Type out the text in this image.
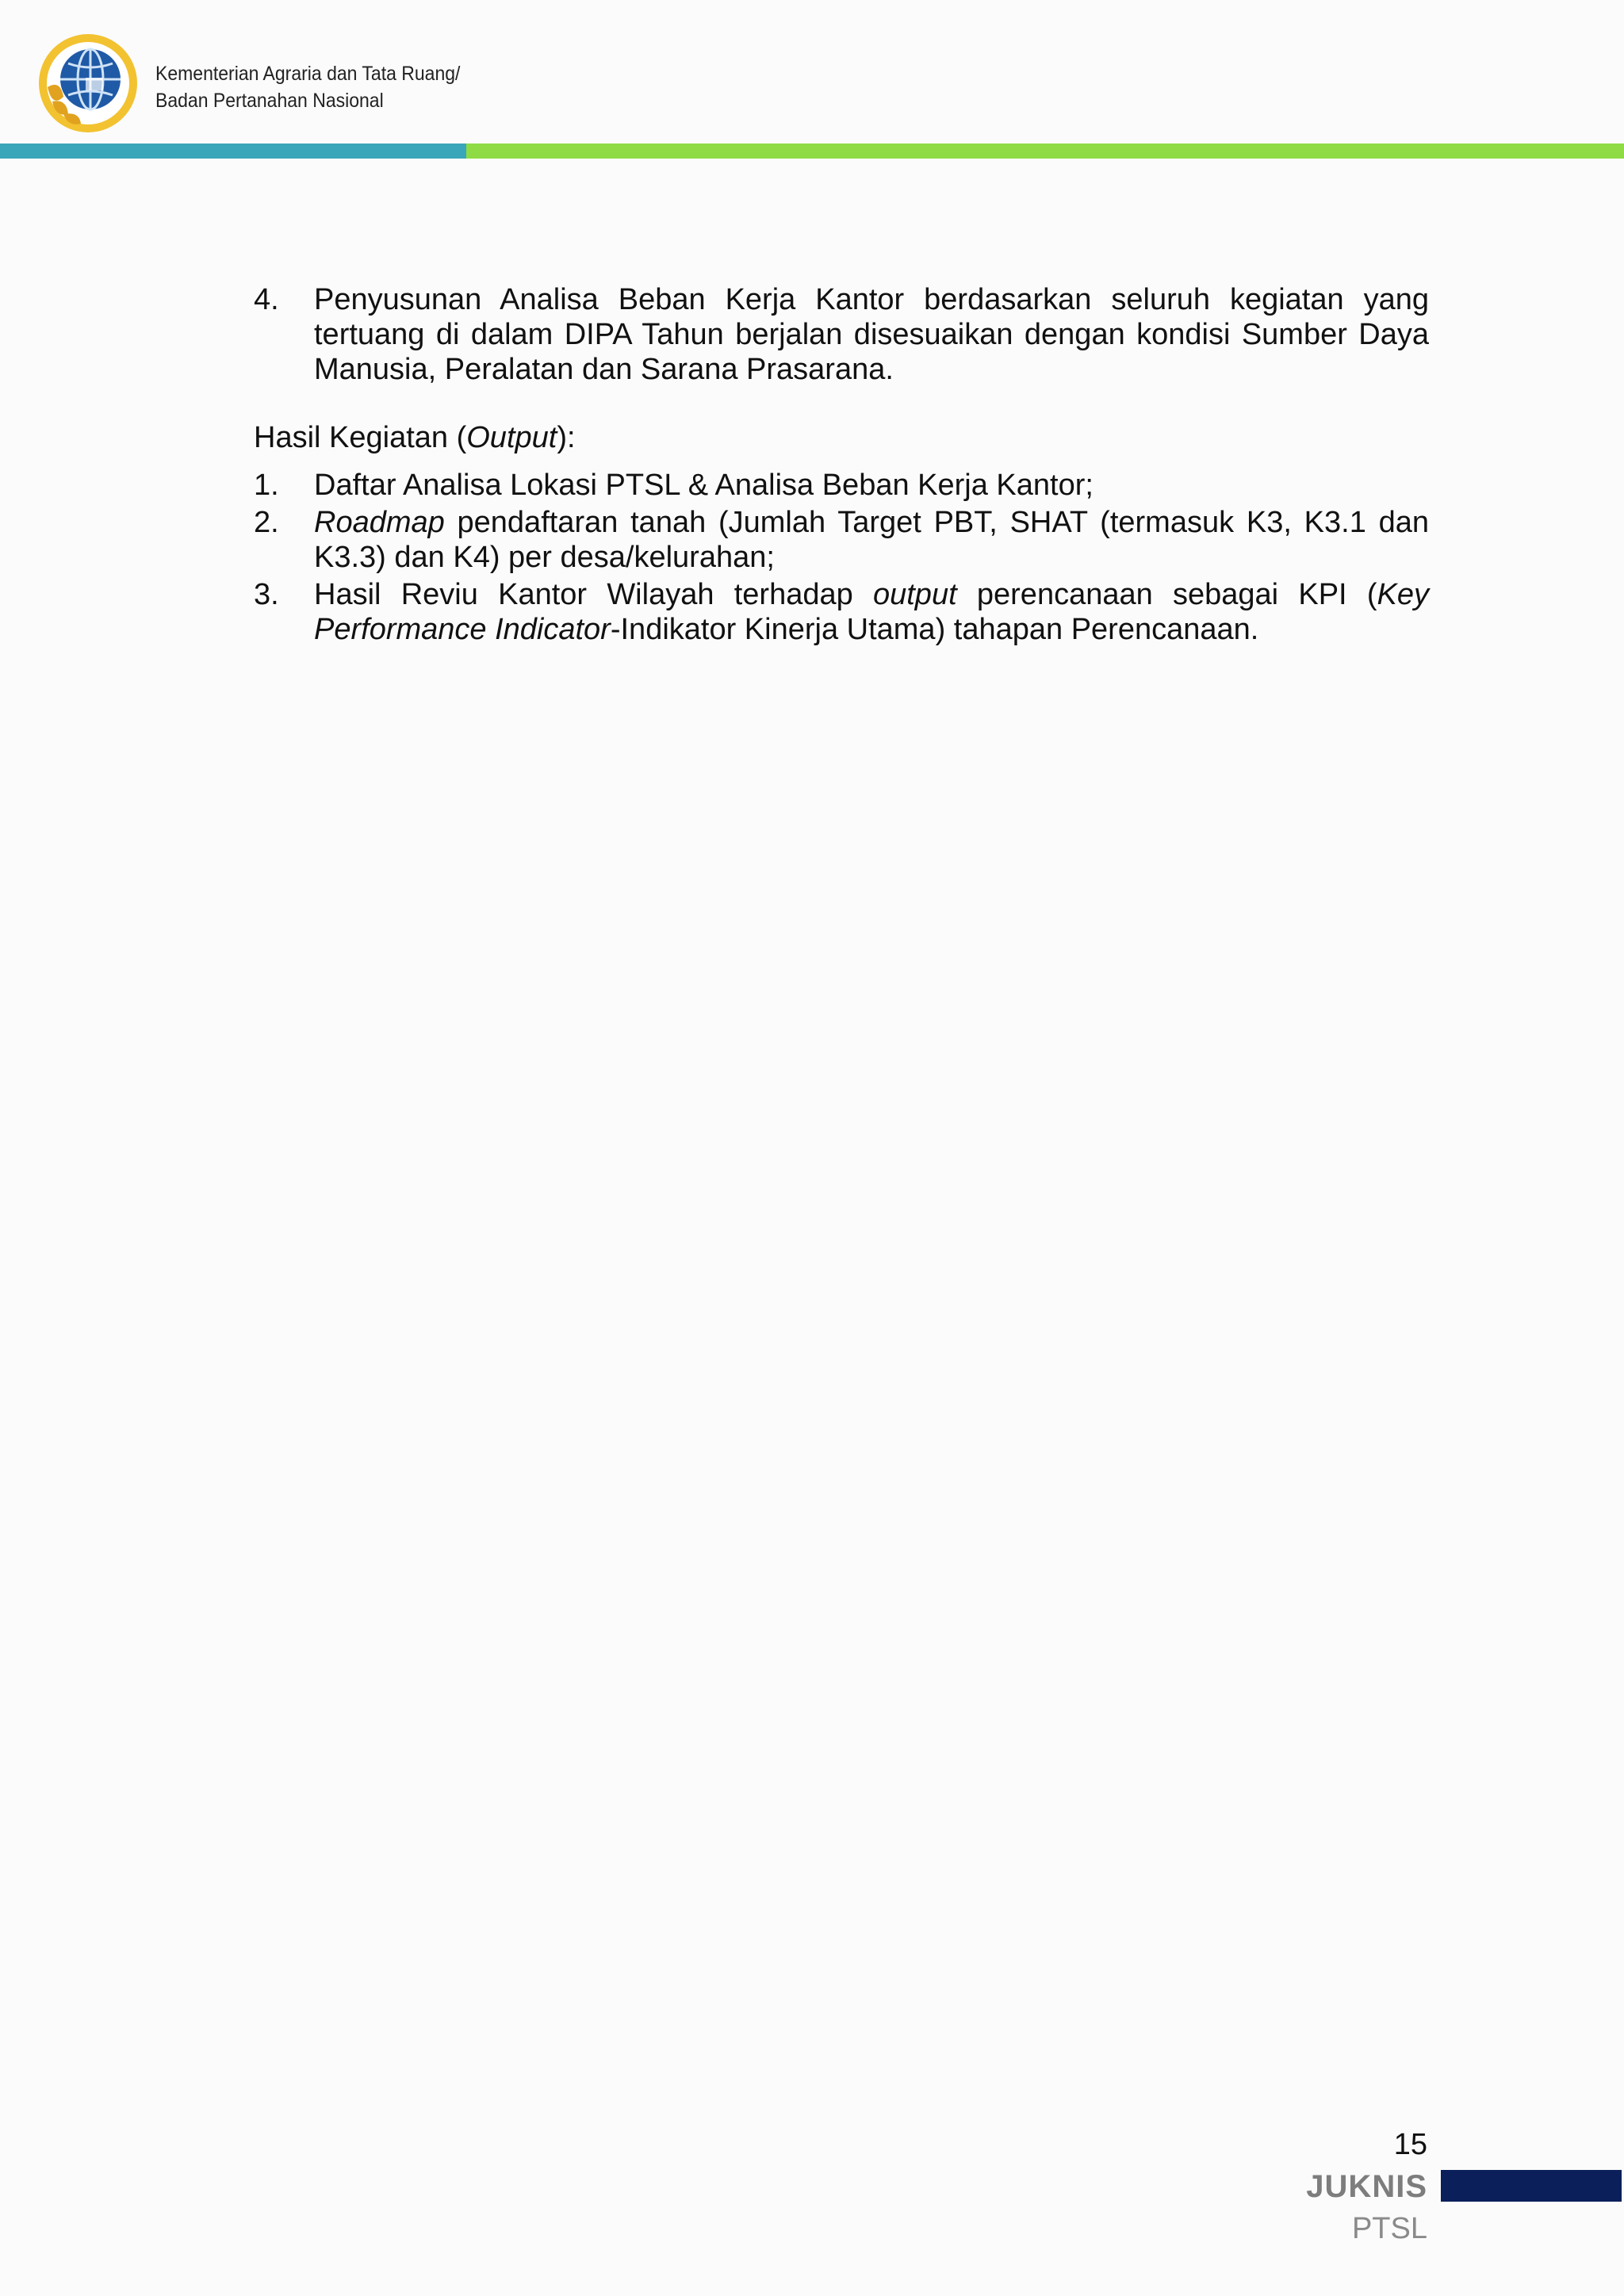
Kementerian Agraria dan Tata Ruang/
Badan Pertanahan Nasional
4. Penyusunan Analisa Beban Kerja Kantor berdasarkan seluruh kegiatan yang tertuang di dalam DIPA Tahun berjalan disesuaikan dengan kondisi Sumber Daya Manusia, Peralatan dan Sarana Prasarana.
Hasil Kegiatan (Output):
1. Daftar Analisa Lokasi PTSL & Analisa Beban Kerja Kantor;
2. Roadmap pendaftaran tanah (Jumlah Target PBT, SHAT (termasuk K3, K3.1 dan K3.3) dan K4) per desa/kelurahan;
3. Hasil Reviu Kantor Wilayah terhadap output perencanaan sebagai KPI (Key Performance Indicator-Indikator Kinerja Utama) tahapan Perencanaan.
15
JUKNIS
PTSL
